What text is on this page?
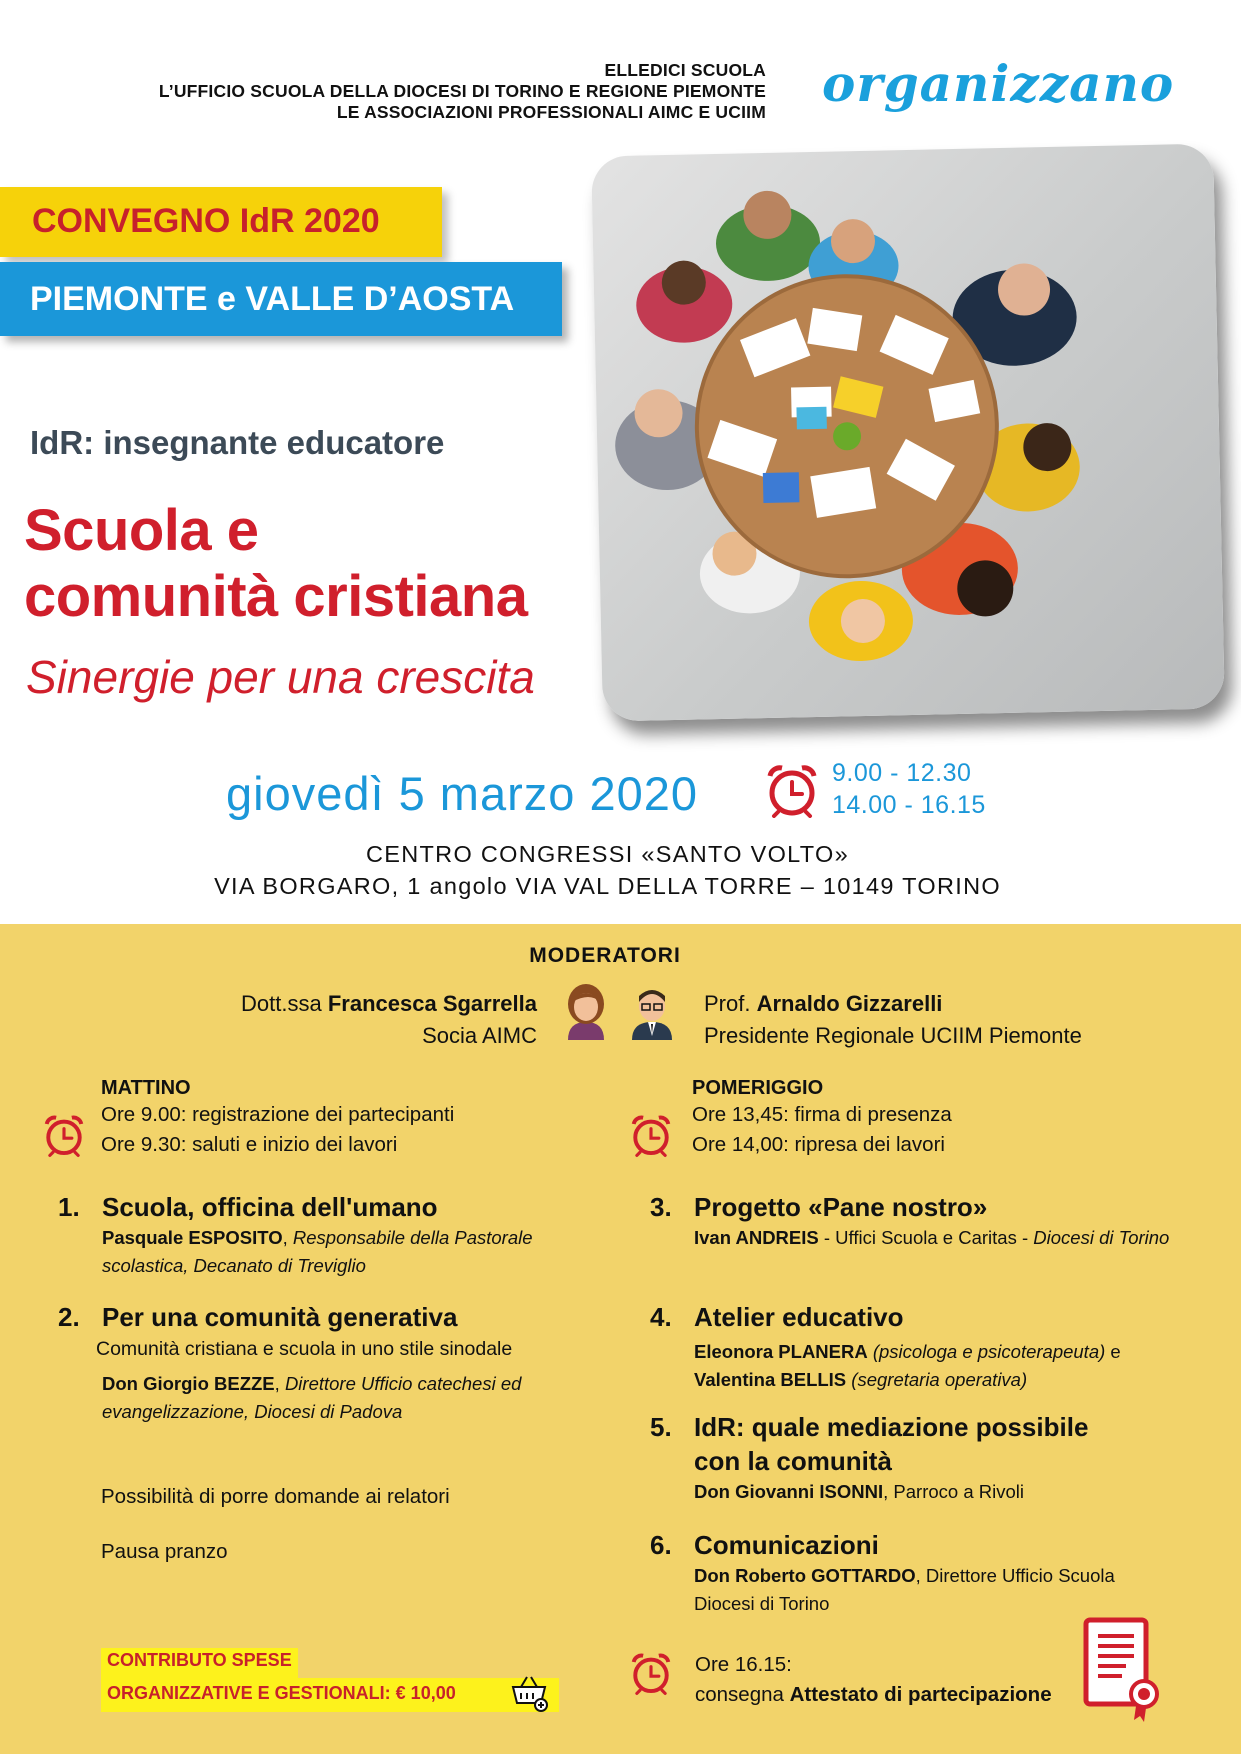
ELLEDICI SCUOLA
L’UFFICIO SCUOLA DELLA DIOCESI DI TORINO E REGIONE PIEMONTE
LE ASSOCIAZIONI PROFESSIONALI AIMC E UCIIM organizzano
CONVEGNO IdR 2020
PIEMONTE e VALLE D’AOSTA
IdR: insegnante educatore
Scuola e
comunità cristiana
Sinergie per una crescita
giovedì 5 marzo 2020	9.00 - 12.30
14.00 - 16.15
CENTRO CONGRESSI «SANTO VOLTO»
VIA BORGARO, 1 angolo VIA VAL DELLA TORRE – 10149 TORINO
MODERATORI
Dott.ssa Francesca Sgarrella
Socia AIMC
Prof. Arnaldo Gizzarelli
Presidente Regionale UCIIM Piemonte
MATTINO
Ore 9.00: registrazione dei partecipanti
Ore 9.30: saluti e inizio dei lavori
POMERIGGIO
Ore 13,45: firma di presenza
Ore 14,00: ripresa dei lavori
1. Scuola, officina dell'umano
Pasquale ESPOSITO, Responsabile della Pastorale scolastica, Decanato di Treviglio
2. Per una comunità generativa
Comunità cristiana e scuola in uno stile sinodale
Don Giorgio BEZZE, Direttore Ufficio catechesi ed evangelizzazione, Diocesi di Padova
Possibilità di porre domande ai relatori
Pausa pranzo
3. Progetto «Pane nostro»
Ivan ANDREIS - Uffici Scuola e Caritas - Diocesi di Torino
4. Atelier educativo
Eleonora PLANERA (psicologa e psicoterapeuta) e
Valentina BELLIS (segretaria operativa)
5. IdR: quale mediazione possibile
con la comunità
Don Giovanni ISONNI, Parroco a Rivoli
6. Comunicazioni
Don Roberto GOTTARDO, Direttore Ufficio Scuola
Diocesi di Torino
CONTRIBUTO SPESE
ORGANIZZATIVE E GESTIONALI: € 10,00
Ore 16.15:
consegna Attestato di partecipazione
